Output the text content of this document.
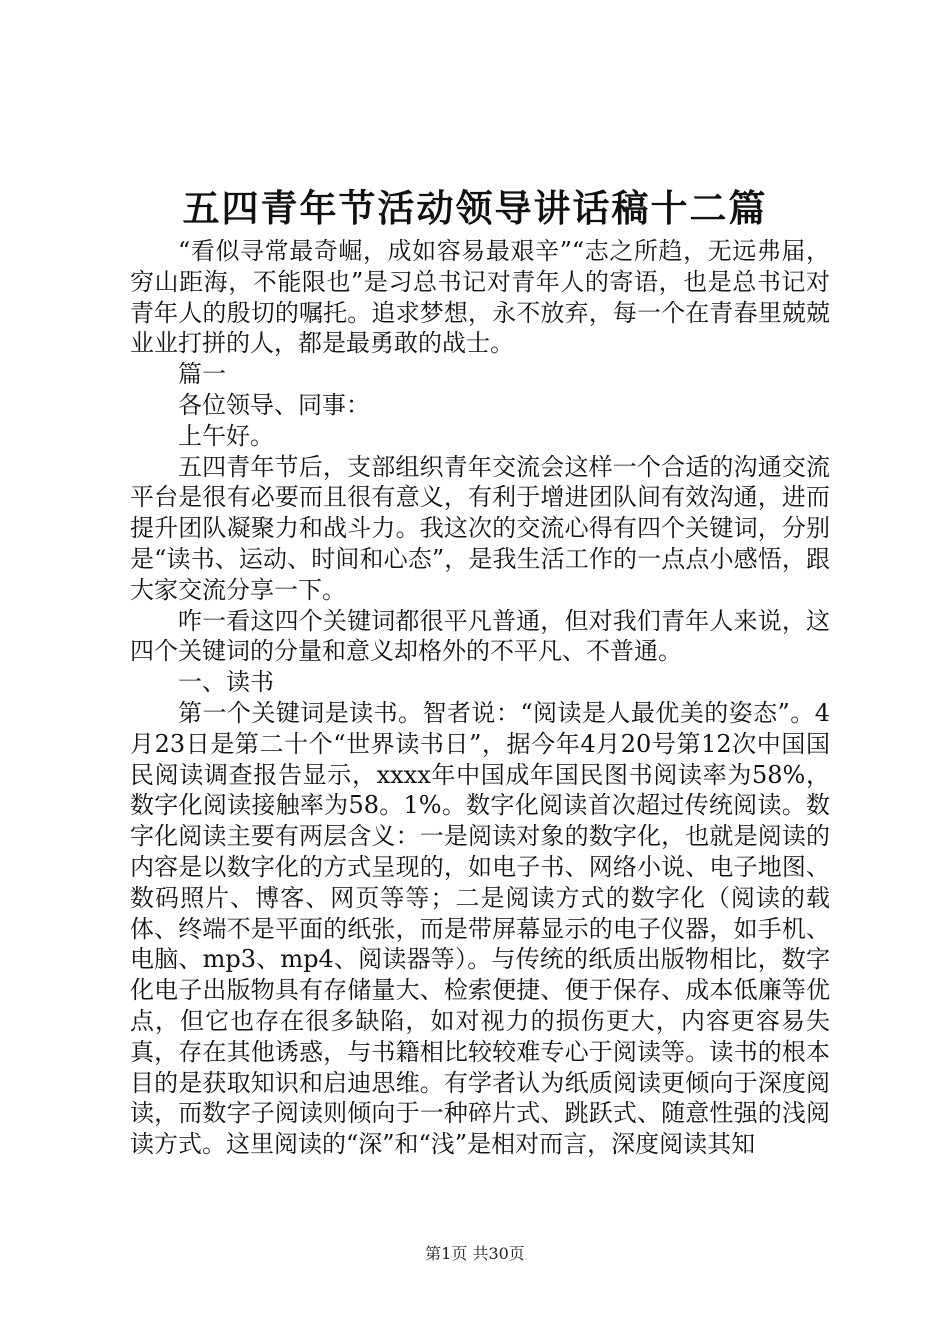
五四青年节活动领导讲话稿十二篇

“看似寻常最奇崛，成如容易最艰辛”“志之所趋，无远弗届，穷山距海，不能限也”是习总书记对青年人的寄语，也是总书记对青年人的殷切的嘱托。追求梦想，永不放弃，每一个在青春里兢兢业业打拼的人，都是最勇敢的战士。

篇一

各位领导、同事：

上午好。

五四青年节后，支部组织青年交流会这样一个合适的沟通交流平台是很有必要而且很有意义，有利于增进团队间有效沟通，进而提升团队凝聚力和战斗力。我这次的交流心得有四个关键词，分别是“读书、运动、时间和心态”，是我生活工作的一点点小感悟，跟大家交流分享一下。

咋一看这四个关键词都很平凡普通，但对我们青年人来说，这四个关键词的分量和意义却格外的不平凡、不普通。

一、读书

第一个关键词是读书。智者说：“阅读是人最优美的姿态”。4月23日是第二十个“世界读书日”，据今年4月20号第12次中国国民阅读调查报告显示，xxxx年中国成年国民图书阅读率为58%，数字化阅读接触率为58。1%。数字化阅读首次超过传统阅读。数字化阅读主要有两层含义：一是阅读对象的数字化，也就是阅读的内容是以数字化的方式呈现的，如电子书、网络小说、电子地图、数码照片、博客、网页等等；二是阅读方式的数字化（阅读的载体、终端不是平面的纸张，而是带屏幕显示的电子仪器，如手机、电脑、mp3、mp4、阅读器等）。与传统的纸质出版物相比，数字化电子出版物具有存储量大、检索便捷、便于保存、成本低廉等优点，但它也存在很多缺陷，如对视力的损伤更大，内容更容易失真，存在其他诱惑，与书籍相比较较难专心于阅读等。读书的根本目的是获取知识和启迪思维。有学者认为纸质阅读更倾向于深度阅读，而数字子阅读则倾向于一种碎片式、跳跃式、随意性强的浅阅读方式。这里阅读的“深”和“浅”是相对而言，深度阅读其知

第1页 共30页
